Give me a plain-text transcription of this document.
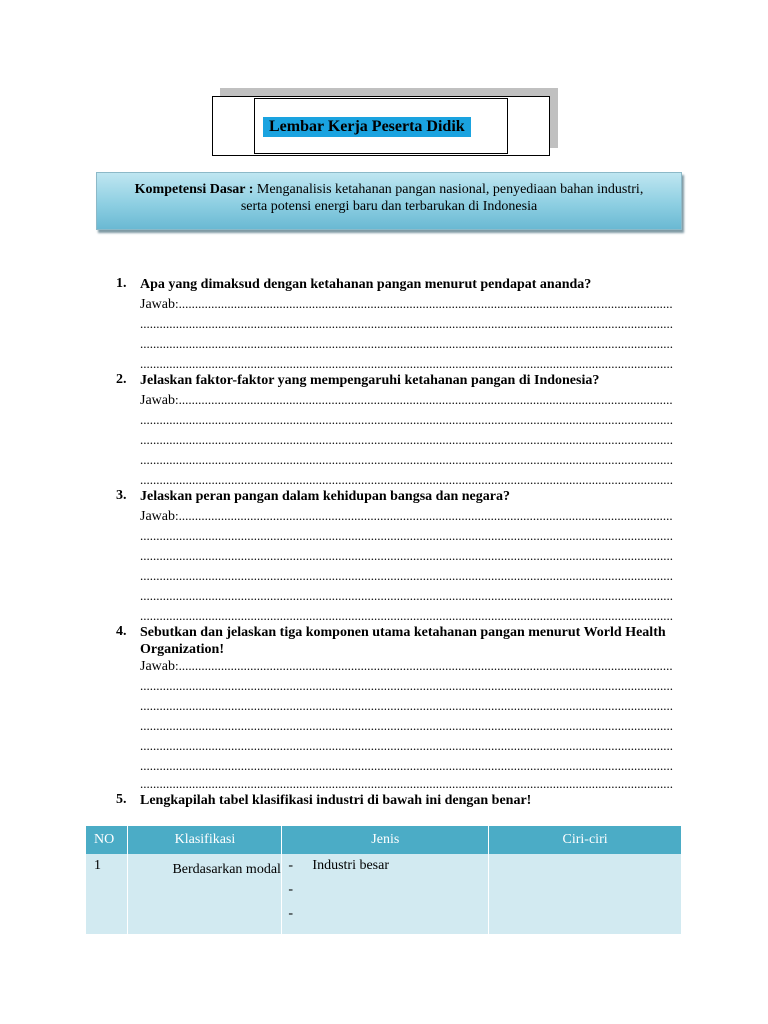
Lembar Kerja Peserta Didik
Kompetensi Dasar : Menganalisis ketahanan pangan nasional, penyediaan bahan industri,
serta potensi energi baru dan terbarukan di Indonesia
1. Apa yang dimaksud dengan ketahanan pangan menurut pendapat ananda?
Jawab: .....
.....
.....
.....
2. Jelaskan faktor-faktor yang mempengaruhi ketahanan pangan di Indonesia?
Jawab: .....
.....
.....
.....
.....
3. Jelaskan peran pangan dalam kehidupan bangsa dan negara?
Jawab: .....
.....
.....
.....
.....
.....
4. Sebutkan dan jelaskan tiga komponen utama ketahanan pangan menurut World Health Organization!
Jawab: .....
.....
.....
.....
.....
.....
.....
5. Lengkapilah tabel klasifikasi industri di bawah ini dengan benar!
NO	Klasifikasi	Jenis	Ciri-ciri
1	Berdasarkan modal	- Industri besar
-
-	
